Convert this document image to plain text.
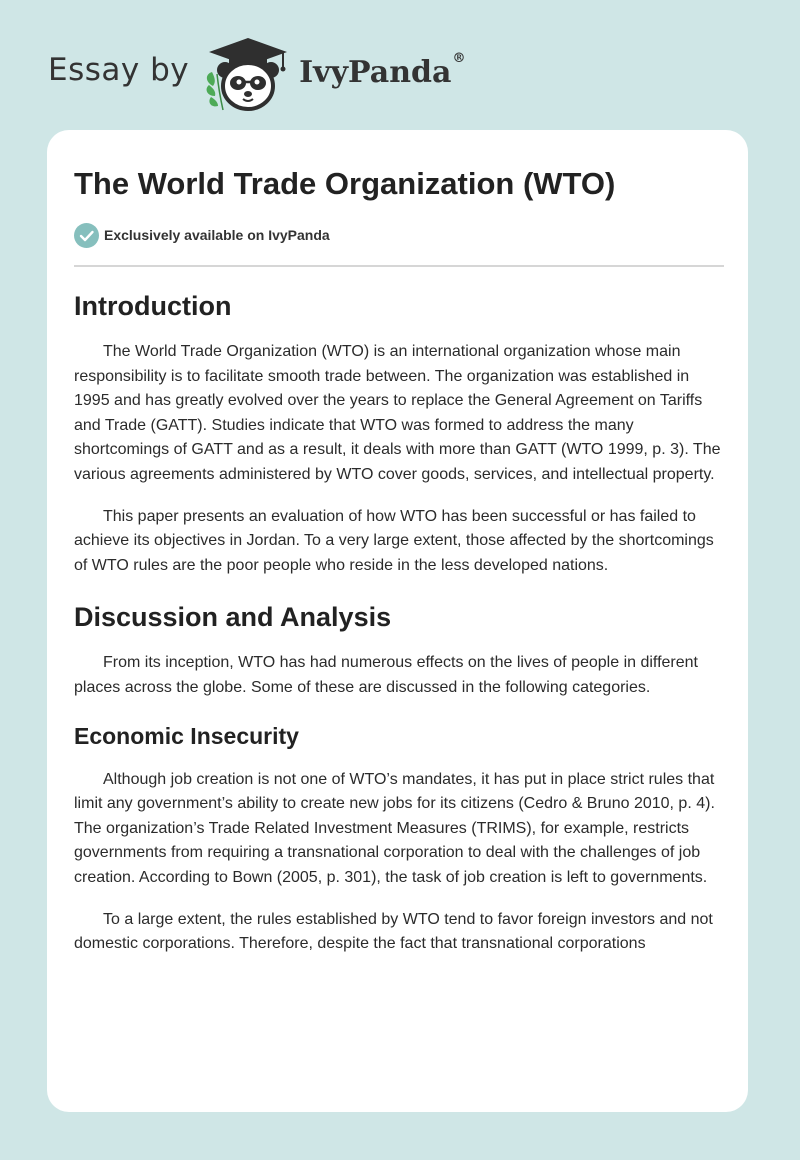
Essay by	IvyPanda®
The World Trade Organization (WTO)
Exclusively available on IvyPanda
Introduction

The World Trade Organization (WTO) is an international organization whose main responsibility is to facilitate smooth trade between. The organization was established in 1995 and has greatly evolved over the years to replace the General Agreement on Tariffs and Trade (GATT). Studies indicate that WTO was formed to address the many shortcomings of GATT and as a result, it deals with more than GATT (WTO 1999, p. 3). The various agreements administered by WTO cover goods, services, and intellectual property.

This paper presents an evaluation of how WTO has been successful or has failed to achieve its objectives in Jordan. To a very large extent, those affected by the shortcomings of WTO rules are the poor people who reside in the less developed nations.

Discussion and Analysis

From its inception, WTO has had numerous effects on the lives of people in different places across the globe. Some of these are discussed in the following categories.

Economic Insecurity

Although job creation is not one of WTO’s mandates, it has put in place strict rules that limit any government’s ability to create new jobs for its citizens (Cedro & Bruno 2010, p. 4). The organization’s Trade Related Investment Measures (TRIMS), for example, restricts governments from requiring a transnational corporation to deal with the challenges of job creation. According to Bown (2005, p. 301), the task of job creation is left to governments.

To a large extent, the rules established by WTO tend to favor foreign investors and not domestic corporations. Therefore, despite the fact that transnational corporations
